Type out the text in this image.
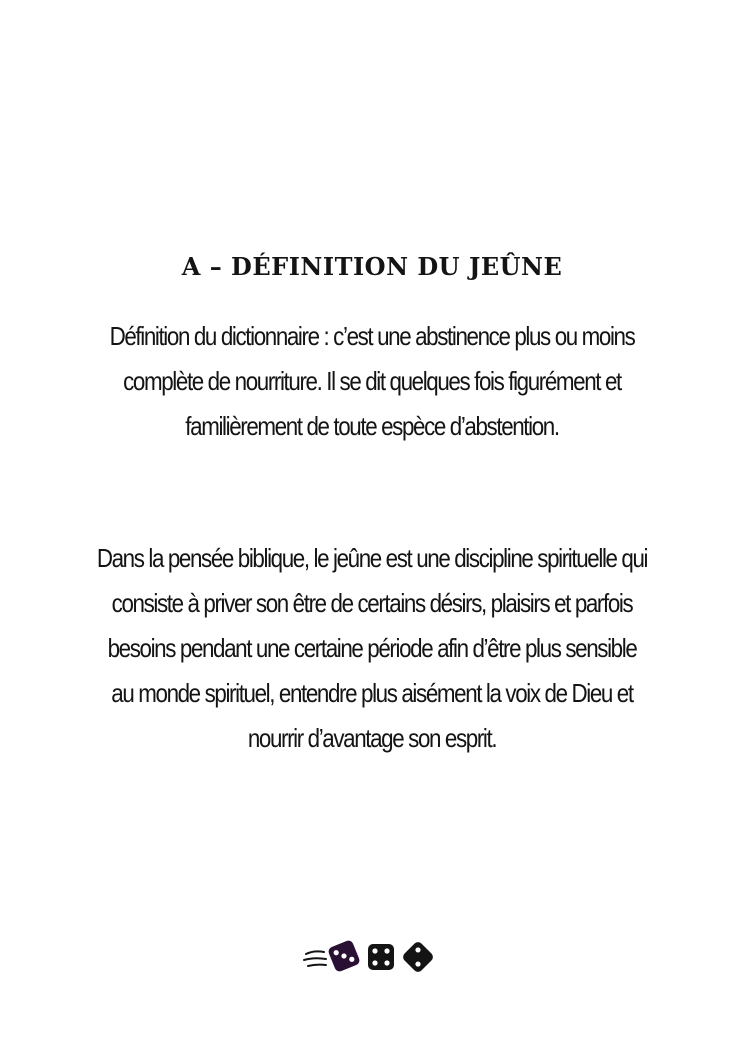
A – DÉFINITION DU JEÛNE

Définition du dictionnaire : c’est une abstinence plus ou moins complète de nourriture. Il se dit quelques fois figurément et familièrement de toute espèce d’abstention.

Dans la pensée biblique, le jeûne est une discipline spirituelle qui consiste à priver son être de certains désirs, plaisirs et parfois besoins pendant une certaine période afin d’être plus sensible au monde spirituel, entendre plus aisément la voix de Dieu et nourrir d’avantage son esprit.
